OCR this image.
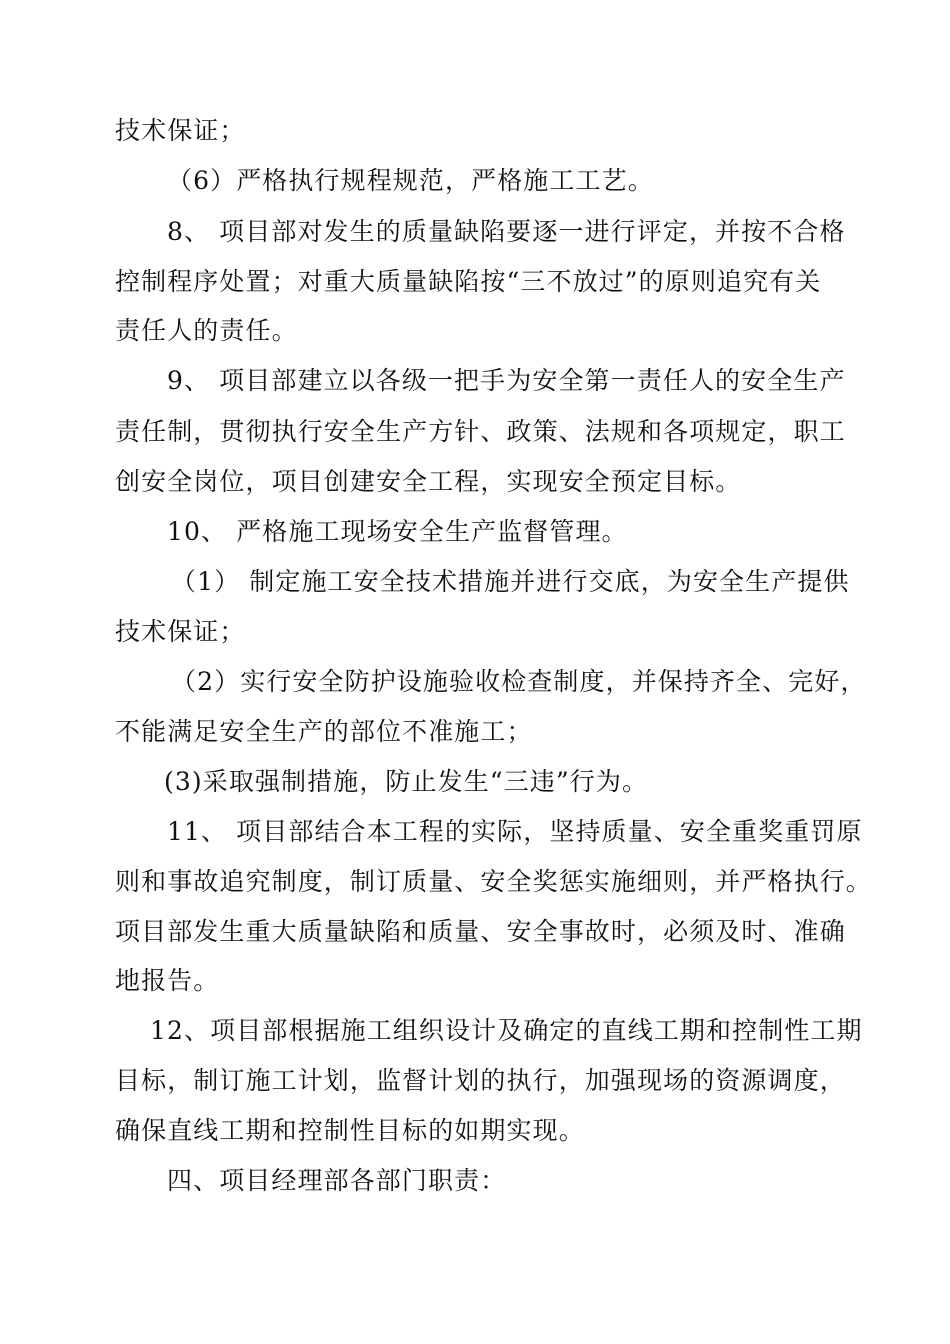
技术保证；
（6）严格执行规程规范，严格施工工艺。
8、 项目部对发生的质量缺陷要逐一进行评定，并按不合格
控制程序处置；对重大质量缺陷按“三不放过”的原则追究有关
责任人的责任。
9、 项目部建立以各级一把手为安全第一责任人的安全生产
责任制，贯彻执行安全生产方针、政策、法规和各项规定，职工
创安全岗位，项目创建安全工程，实现安全预定目标。
10、 严格施工现场安全生产监督管理。
（1） 制定施工安全技术措施并进行交底，为安全生产提供
技术保证；
（2）实行安全防护设施验收检查制度，并保持齐全、完好，
不能满足安全生产的部位不准施工；
(3)采取强制措施，防止发生“三违”行为。
11、 项目部结合本工程的实际，坚持质量、安全重奖重罚原
则和事故追究制度，制订质量、安全奖惩实施细则，并严格执行。
项目部发生重大质量缺陷和质量、安全事故时，必须及时、准确
地报告。
12、项目部根据施工组织设计及确定的直线工期和控制性工期
目标，制订施工计划，监督计划的执行，加强现场的资源调度，
确保直线工期和控制性目标的如期实现。
四、项目经理部各部门职责：
